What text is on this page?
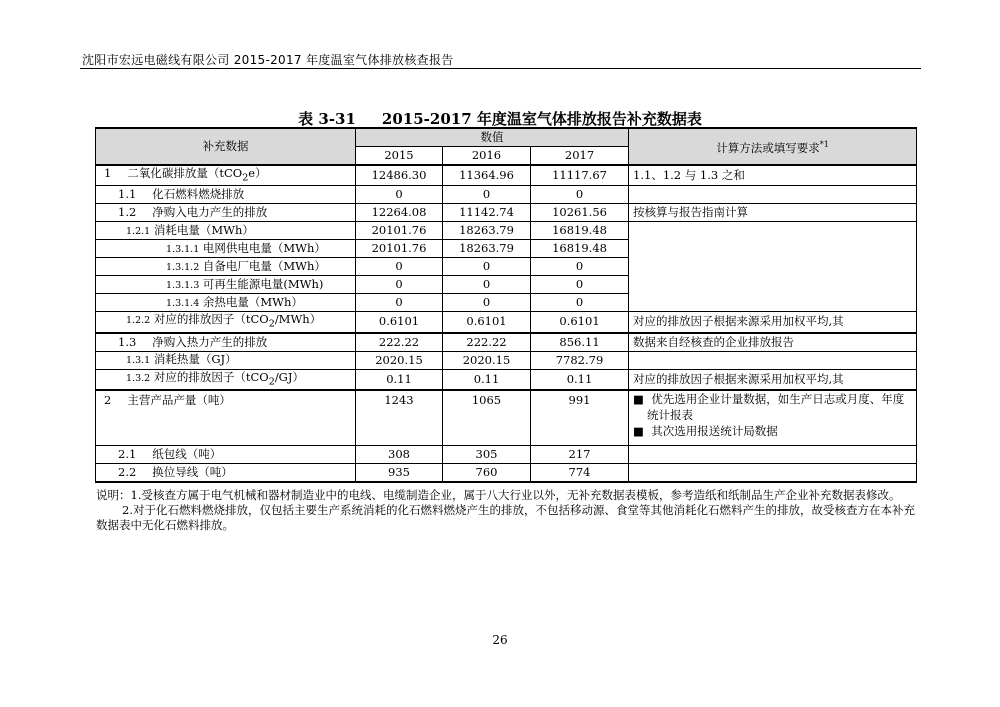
沈阳市宏远电磁线有限公司 2015-2017 年度温室气体排放核查报告
表 3-31 2015-2017 年度温室气体排放报告补充数据表
补充数据	数值			计算方法或填写要求$^{*1}$
	2015	2016	2017	
1 二氧化碳排放量（tCO$_2$e）	12486.30	11364.96	11117.67	1.1、1.2 与 1.3 之和
1.1 化石燃料燃烧排放	0	0	0	
1.2 净购入电力产生的排放	12264.08	11142.74	10261.56	按核算与报告指南计算
1.2.1 消耗电量（MWh）	20101.76	18263.79	16819.48	
1.3.1.1 电网供电电量（MWh）	20101.76	18263.79	16819.48	
1.3.1.2 自备电厂电量（MWh）	0	0	0	
1.3.1.3 可再生能源电量(MWh)	0	0	0	
1.3.1.4 余热电量（MWh）	0	0	0	
1.2.2 对应的排放因子（tCO$_2$/MWh）	0.6101	0.6101	0.6101	对应的排放因子根据来源采用加权平均,其
1.3 净购入热力产生的排放	222.22	222.22	856.11	数据来自经核查的企业排放报告
1.3.1 消耗热量（GJ）	2020.15	2020.15	7782.79	
1.3.2 对应的排放因子（tCO$_2$/GJ）	0.11	0.11	0.11	对应的排放因子根据来源采用加权平均,其
2 主营产品产量（吨）	1243	1065	991	■ 优先选用企业计量数据，如生产日志或月度、年度统计报表
■ 其次选用报送统计局数据

2.1 纸包线（吨）	308	305	217	
2.2 换位导线（吨）	935	760	774	

说明：1.受核查方属于电气机械和器材制造业中的电线、电缆制造企业，属于八大行业以外，无补充数据表模板，参考造纸和纸制品生产企业补充数据表修改。

2.对于化石燃料燃烧排放，仅包括主要生产系统消耗的化石燃料燃烧产生的排放，不包括移动源、食堂等其他消耗化石燃料产生的排放，故受核查方在本补充数据表中无化石燃料排放。

26
